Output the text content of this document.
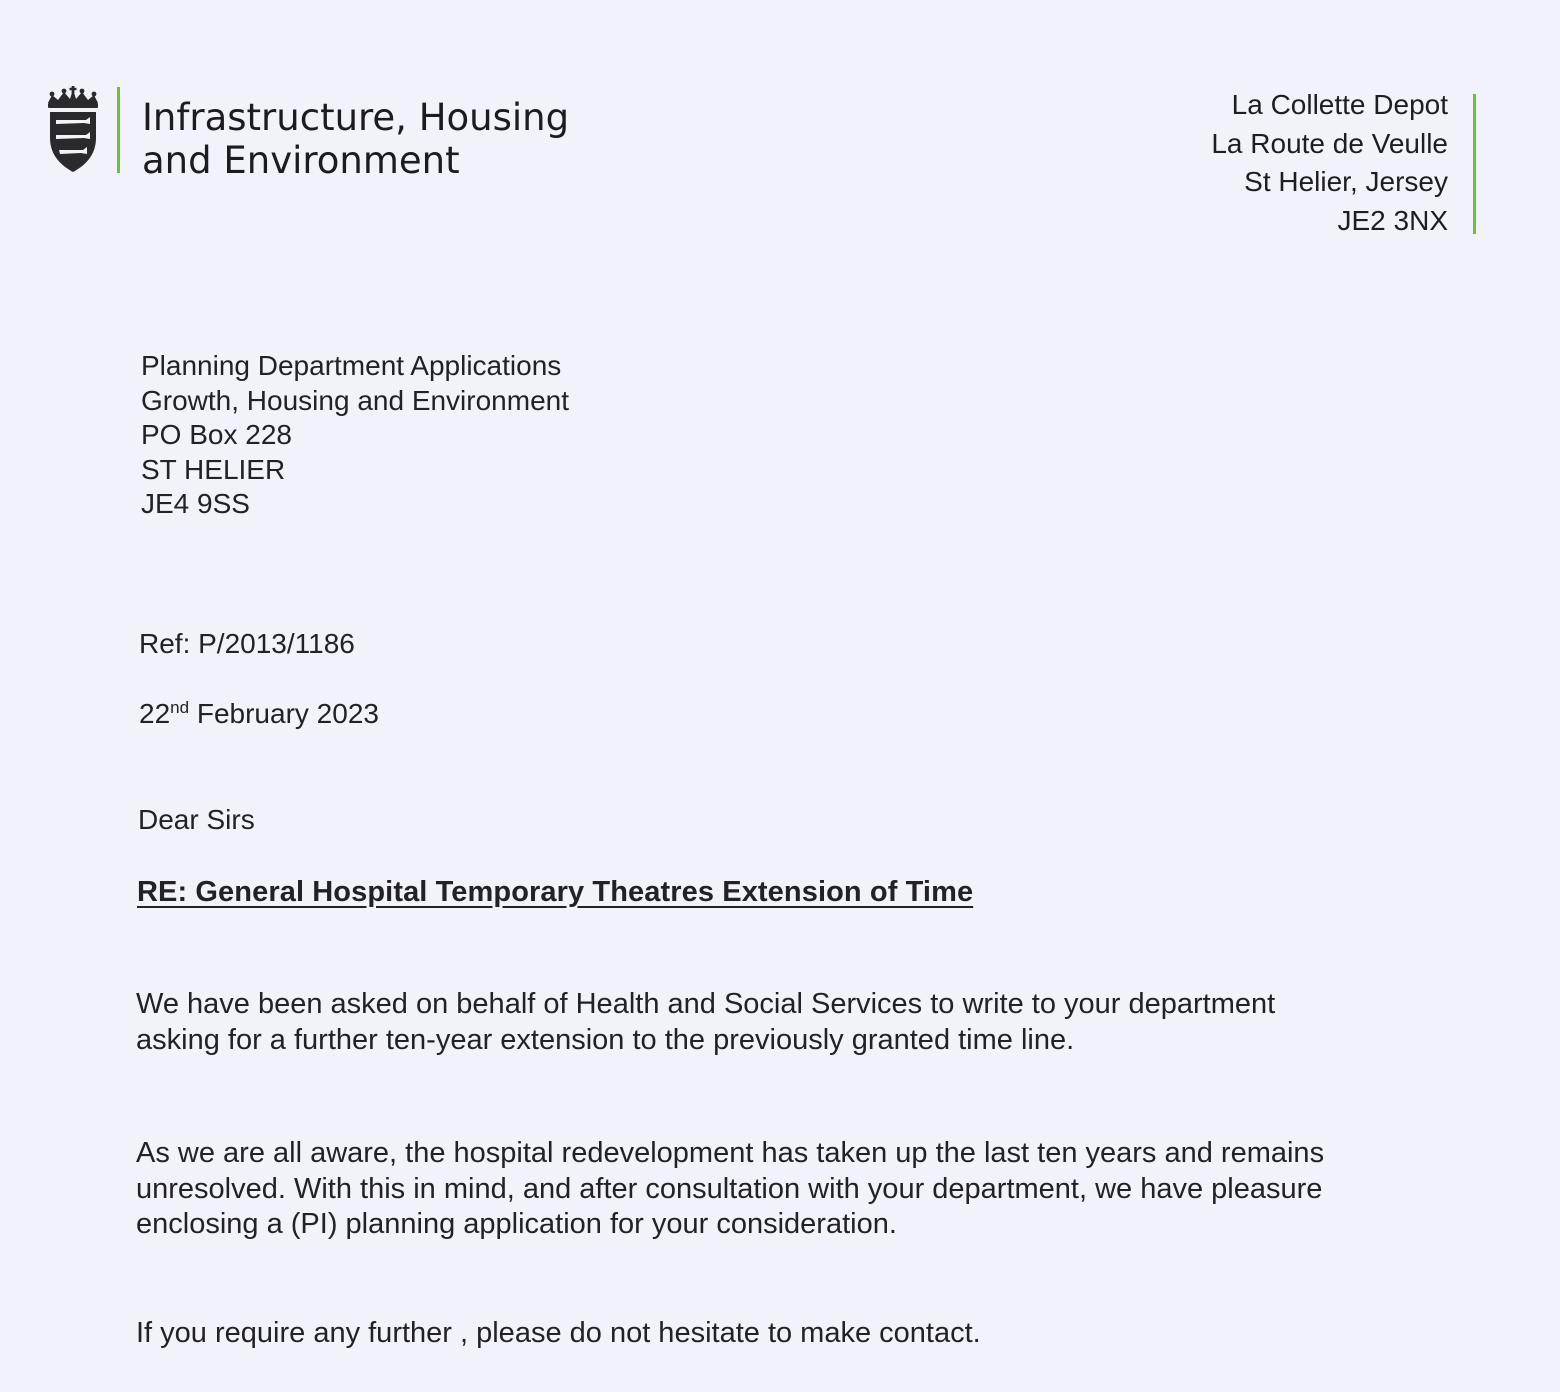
Infrastructure, Housing
and Environment
La Collette Depot
La Route de Veulle
St Helier, Jersey
JE2 3NX
Planning Department Applications
Growth, Housing and Environment
PO Box 228
ST HELIER
JE4 9SS
Ref: P/2013/1186
22nd February 2023
Dear Sirs
RE: General Hospital Temporary Theatres Extension of Time
We have been asked on behalf of Health and Social Services to write to your department
asking for a further ten-year extension to the previously granted time line.
As we are all aware, the hospital redevelopment has taken up the last ten years and remains
unresolved. With this in mind, and after consultation with your department, we have pleasure
enclosing a (PI) planning application for your consideration.
If you require any further , please do not hesitate to make contact.
